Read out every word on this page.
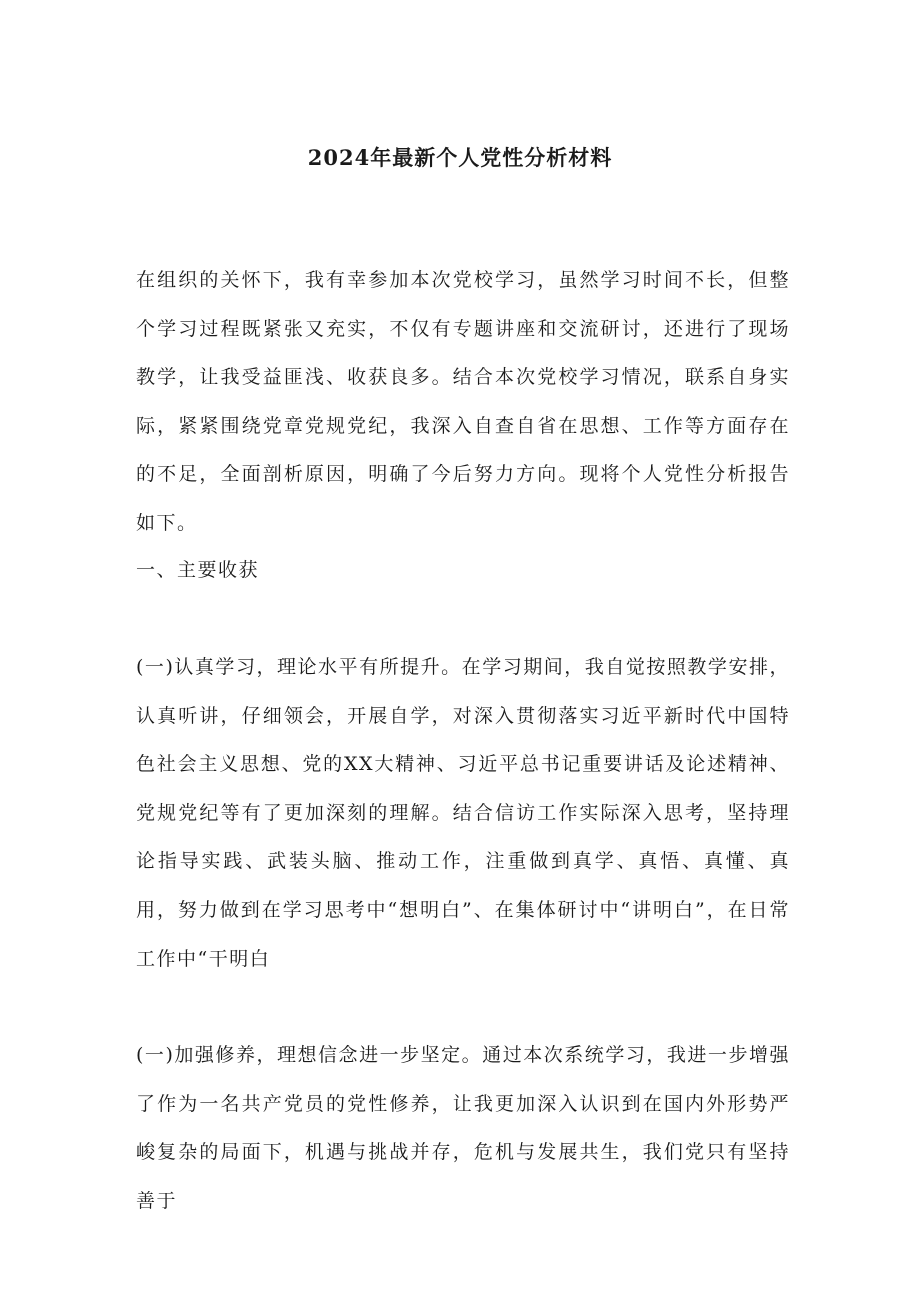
2024年最新个人党性分析材料

在组织的关怀下，我有幸参加本次党校学习，虽然学习时间不长，但整个学习过程既紧张又充实，不仅有专题讲座和交流研讨，还进行了现场教学，让我受益匪浅、收获良多。结合本次党校学习情况，联系自身实际，紧紧围绕党章党规党纪，我深入自查自省在思想、工作等方面存在的不足，全面剖析原因，明确了今后努力方向。现将个人党性分析报告如下。

一、主要收获

(一)认真学习，理论水平有所提升。在学习期间，我自觉按照教学安排，认真听讲，仔细领会，开展自学，对深入贯彻落实习近平新时代中国特色社会主义思想、党的XX大精神、习近平总书记重要讲话及论述精神、党规党纪等有了更加深刻的理解。结合信访工作实际深入思考，坚持理论指导实践、武装头脑、推动工作，注重做到真学、真悟、真懂、真用，努力做到在学习思考中“想明白”、在集体研讨中“讲明白”，在日常工作中“干明白

(一)加强修养，理想信念进一步坚定。通过本次系统学习，我进一步增强了作为一名共产党员的党性修养，让我更加深入认识到在国内外形势严峻复杂的局面下，机遇与挑战并存，危机与发展共生，我们党只有坚持善于
